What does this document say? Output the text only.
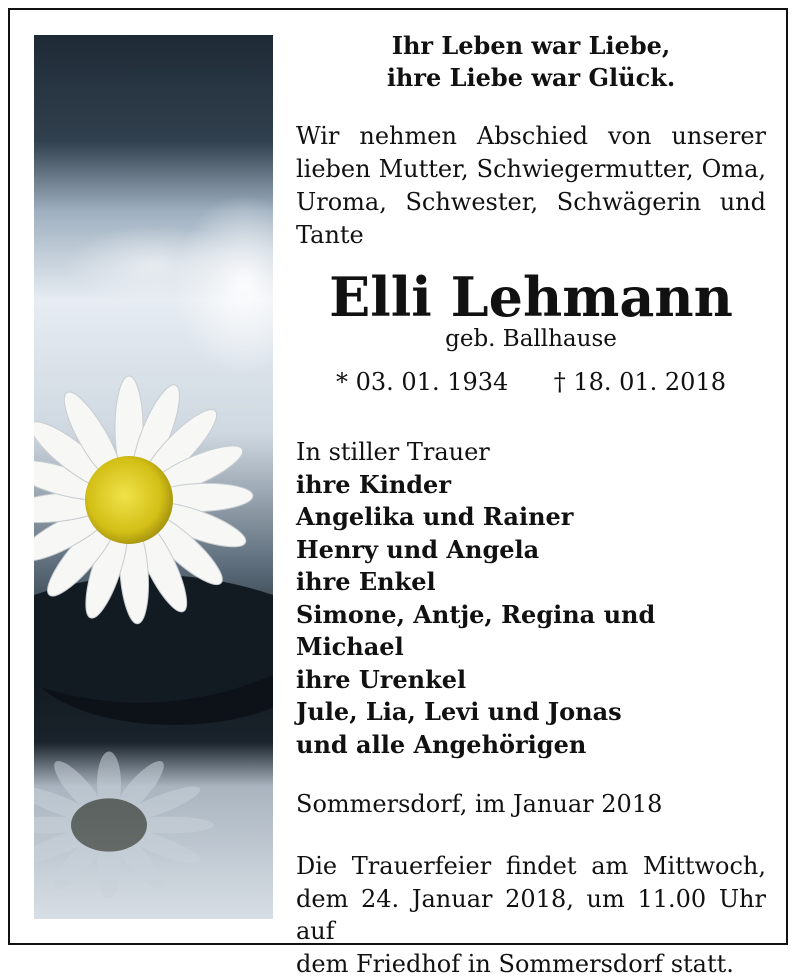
Ihr Leben war Liebe,
ihre Liebe war Glück.
Wir nehmen Abschied von unserer
lieben Mutter, Schwiegermutter, Oma,
Uroma, Schwester, Schwägerin und
Tante
Elli Lehmann
geb. Ballhause
* 03. 01. 1934 † 18. 01. 2018
In stiller Trauer
ihre Kinder
Angelika und Rainer
Henry und Angela
ihre Enkel
Simone, Antje, Regina und Michael
ihre Urenkel
Jule, Lia, Levi und Jonas
und alle Angehörigen
Sommersdorf, im Januar 2018
Die Trauerfeier findet am Mittwoch,
dem 24. Januar 2018, um 11.00 Uhr auf
dem Friedhof in Sommersdorf statt.
